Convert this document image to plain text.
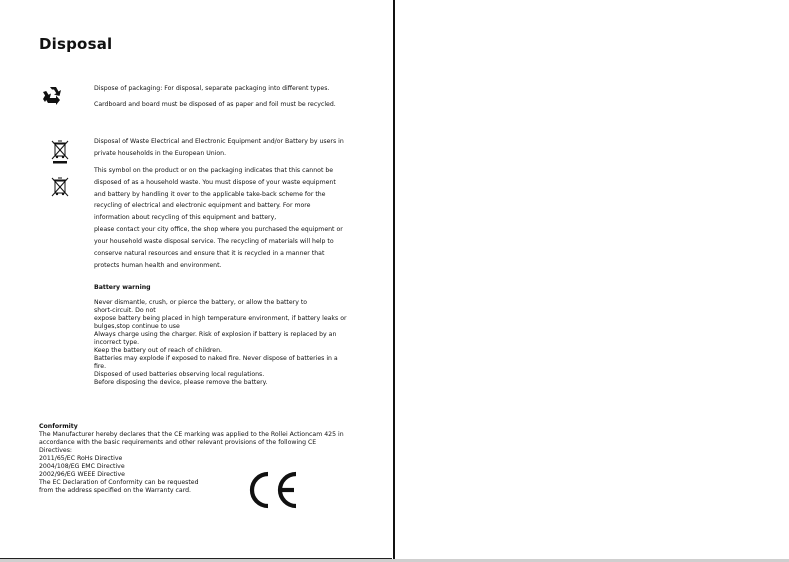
Disposal
Dispose of packaging: For disposal, separate packaging into different types.
Cardboard and board must be disposed of as paper and foil must be recycled.
Disposal of Waste Electrical and Electronic Equipment and/or Battery by users in
private households in the European Union.
This symbol on the product or on the packaging indicates that this cannot be
disposed of as a household waste. You must dispose of your waste equipment
and battery by handling it over to the applicable take-back scheme for the
recycling of electrical and electronic equipment and battery. For more
information about recycling of this equipment and battery,
please contact your city office, the shop where you purchased the equipment or
your household waste disposal service. The recycling of materials will help to
conserve natural resources and ensure that it is recycled in a manner that
protects human health and environment.
Battery warning
Never dismantle, crush, or pierce the battery, or allow the battery to
short-circuit. Do not
expose battery being placed in high temperature environment, if battery leaks or
bulges,stop continue to use
Always charge using the charger. Risk of explosion if battery is replaced by an
incorrect type.
Keep the battery out of reach of children.
Batteries may explode if exposed to naked fire. Never dispose of batteries in a
fire.
Disposed of used batteries observing local regulations.
Before disposing the device, please remove the battery.
Conformity
The Manufacturer hereby declares that the CE marking was applied to the Rollei Actioncam 425 in
accordance with the basic requirements and other relevant provisions of the following CE
Directives:
2011/65/EC RoHs Directive
2004/108/EG EMC Directive
2002/96/EG WEEE Directive
The EC Declaration of Conformity can be requested
from the address specified on the Warranty card.
